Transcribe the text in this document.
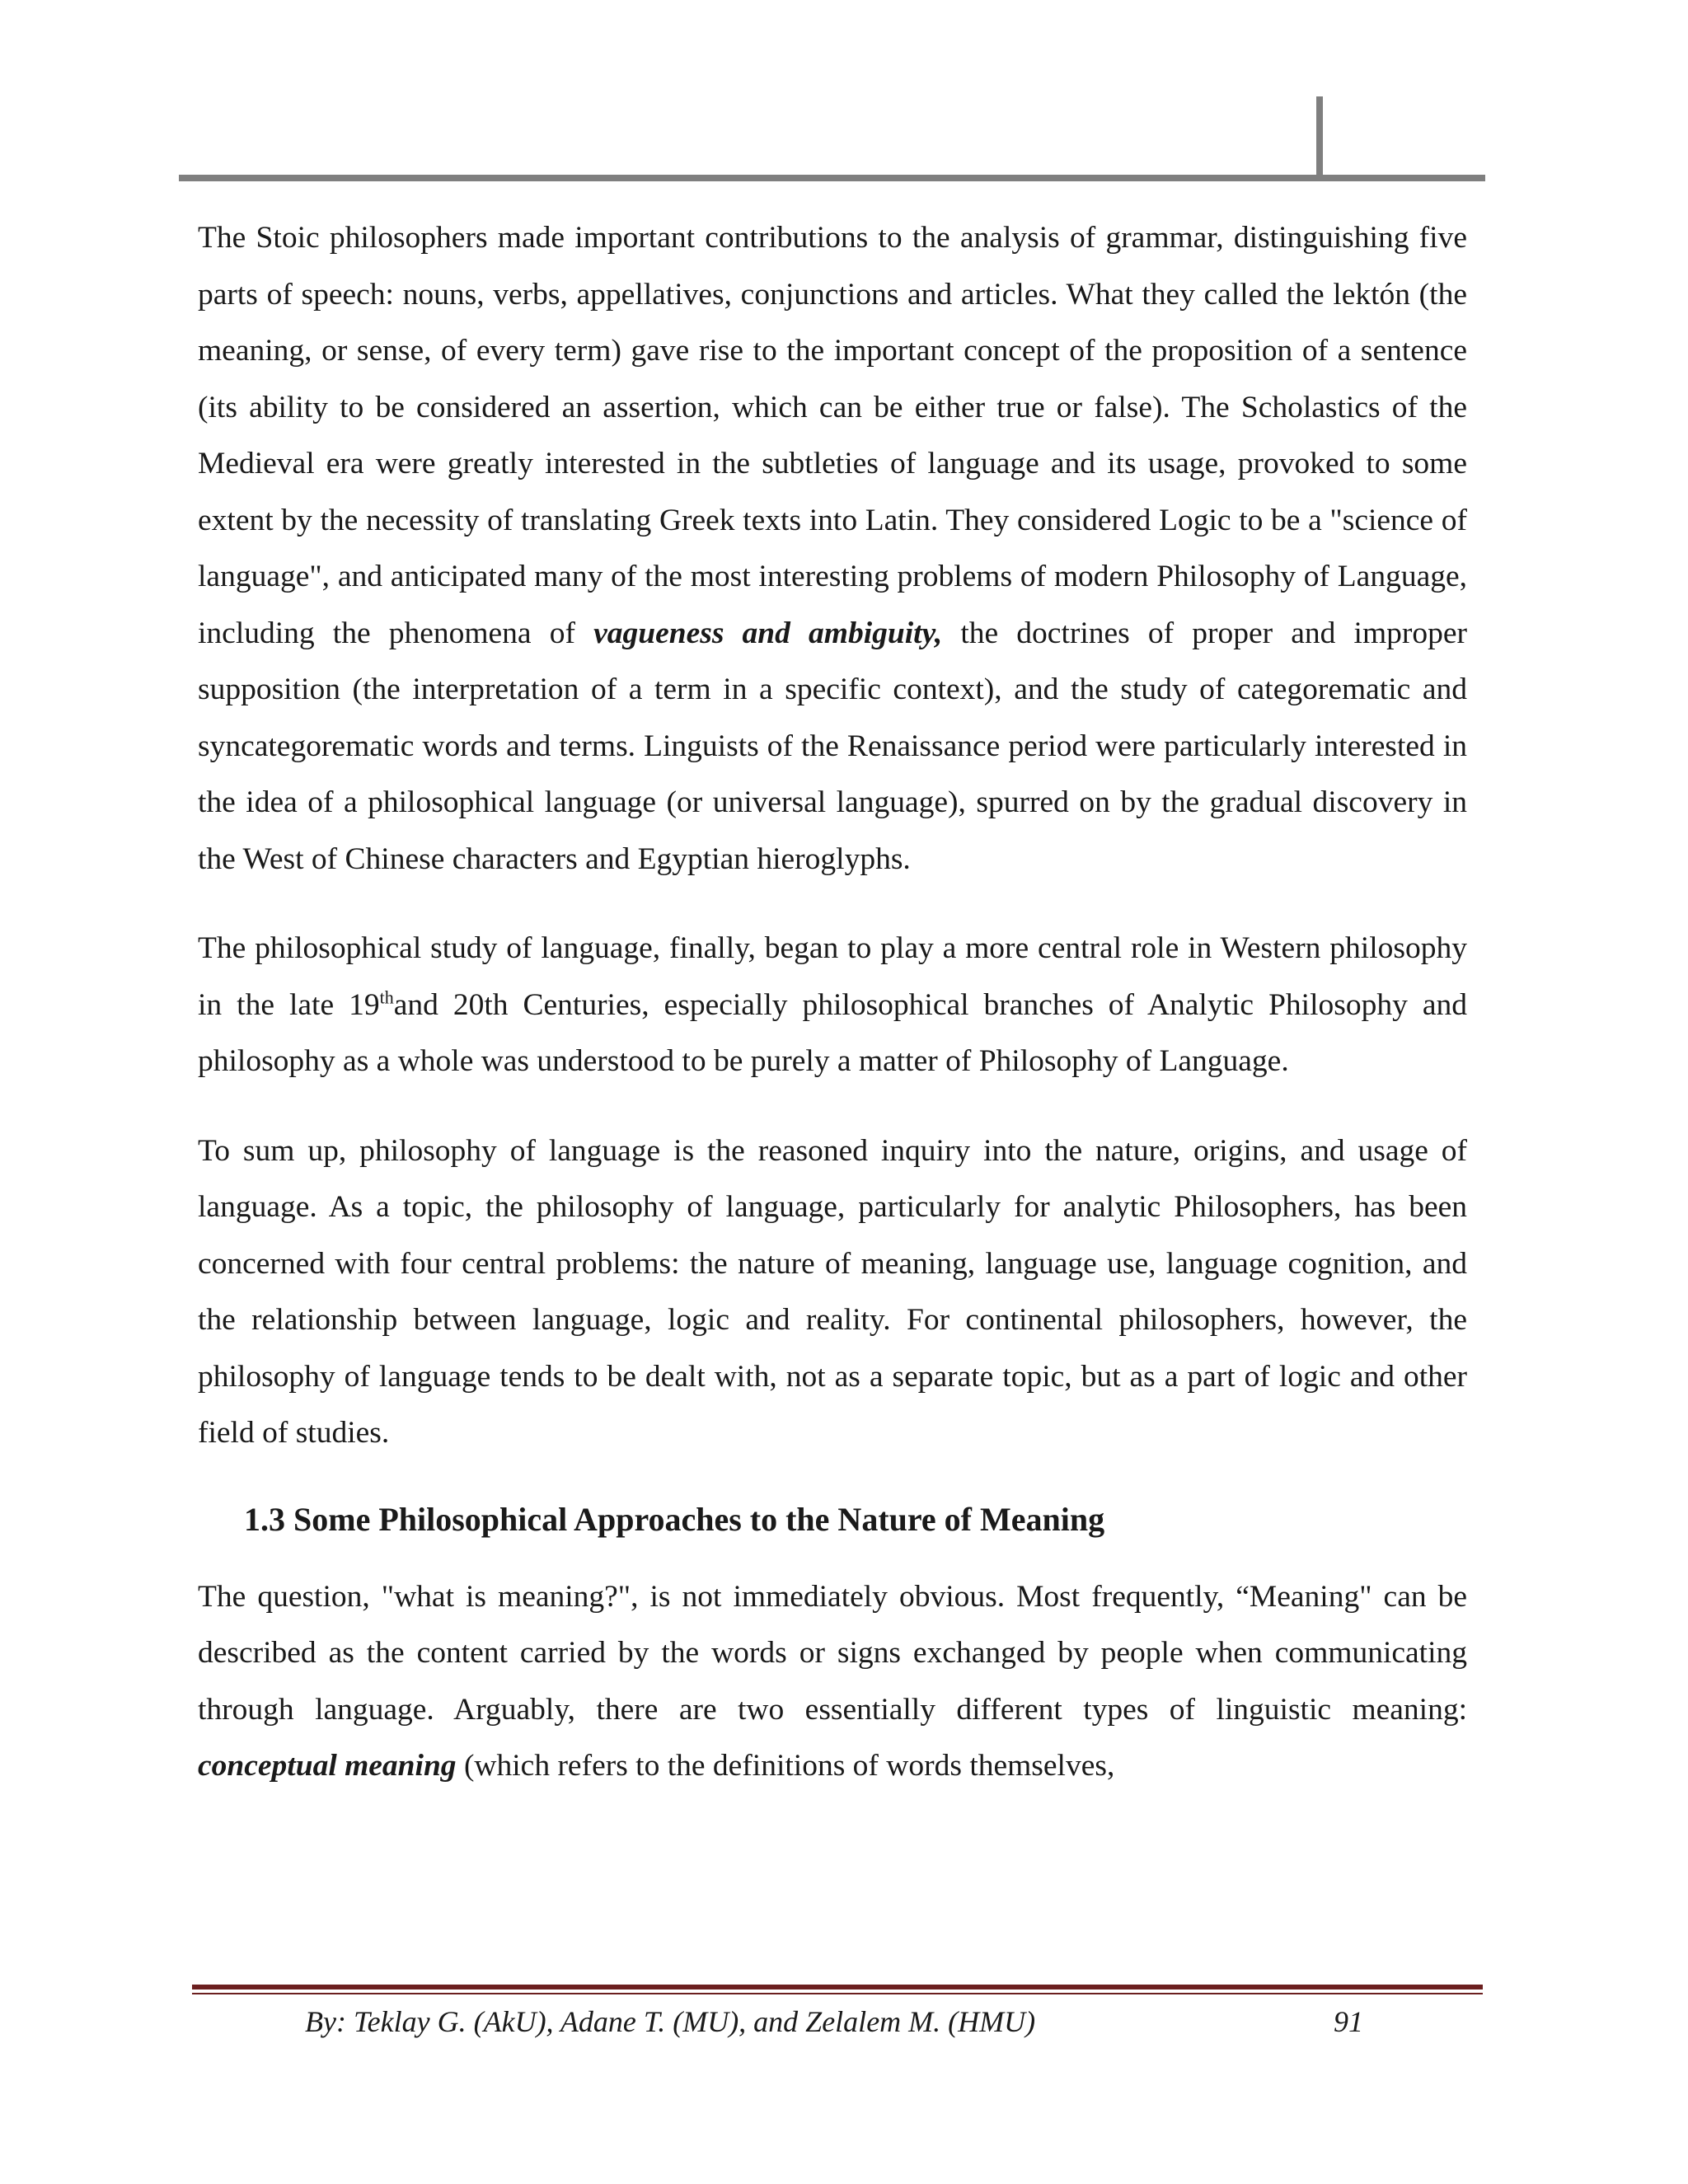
The Stoic philosophers made important contributions to the analysis of grammar, distinguishing five parts of speech: nouns, verbs, appellatives, conjunctions and articles. What they called the lektón (the meaning, or sense, of every term) gave rise to the important concept of the proposition of a sentence (its ability to be considered an assertion, which can be either true or false). The Scholastics of the Medieval era were greatly interested in the subtleties of language and its usage, provoked to some extent by the necessity of translating Greek texts into Latin. They considered Logic to be a "science of language", and anticipated many of the most interesting problems of modern Philosophy of Language, including the phenomena of vagueness and ambiguity, the doctrines of proper and improper supposition (the interpretation of a term in a specific context), and the study of categorematic and syncategorematic words and terms. Linguists of the Renaissance period were particularly interested in the idea of a philosophical language (or universal language), spurred on by the gradual discovery in the West of Chinese characters and Egyptian hieroglyphs.

The philosophical study of language, finally, began to play a more central role in Western philosophy in the late 19thand 20th Centuries, especially philosophical branches of Analytic Philosophy and philosophy as a whole was understood to be purely a matter of Philosophy of Language.

To sum up, philosophy of language is the reasoned inquiry into the nature, origins, and usage of language. As a topic, the philosophy of language, particularly for analytic Philosophers, has been concerned with four central problems: the nature of meaning, language use, language cognition, and the relationship between language, logic and reality. For continental philosophers, however, the philosophy of language tends to be dealt with, not as a separate topic, but as a part of logic and other field of studies.

1.3 Some Philosophical Approaches to the Nature of Meaning

The question, "what is meaning?", is not immediately obvious. Most frequently, “Meaning" can be described as the content carried by the words or signs exchanged by people when communicating through language. Arguably, there are two essentially different types of linguistic meaning: conceptual meaning (which refers to the definitions of words themselves,

By: Teklay G. (AkU), Adane T. (MU), and Zelalem M. (HMU)	91
